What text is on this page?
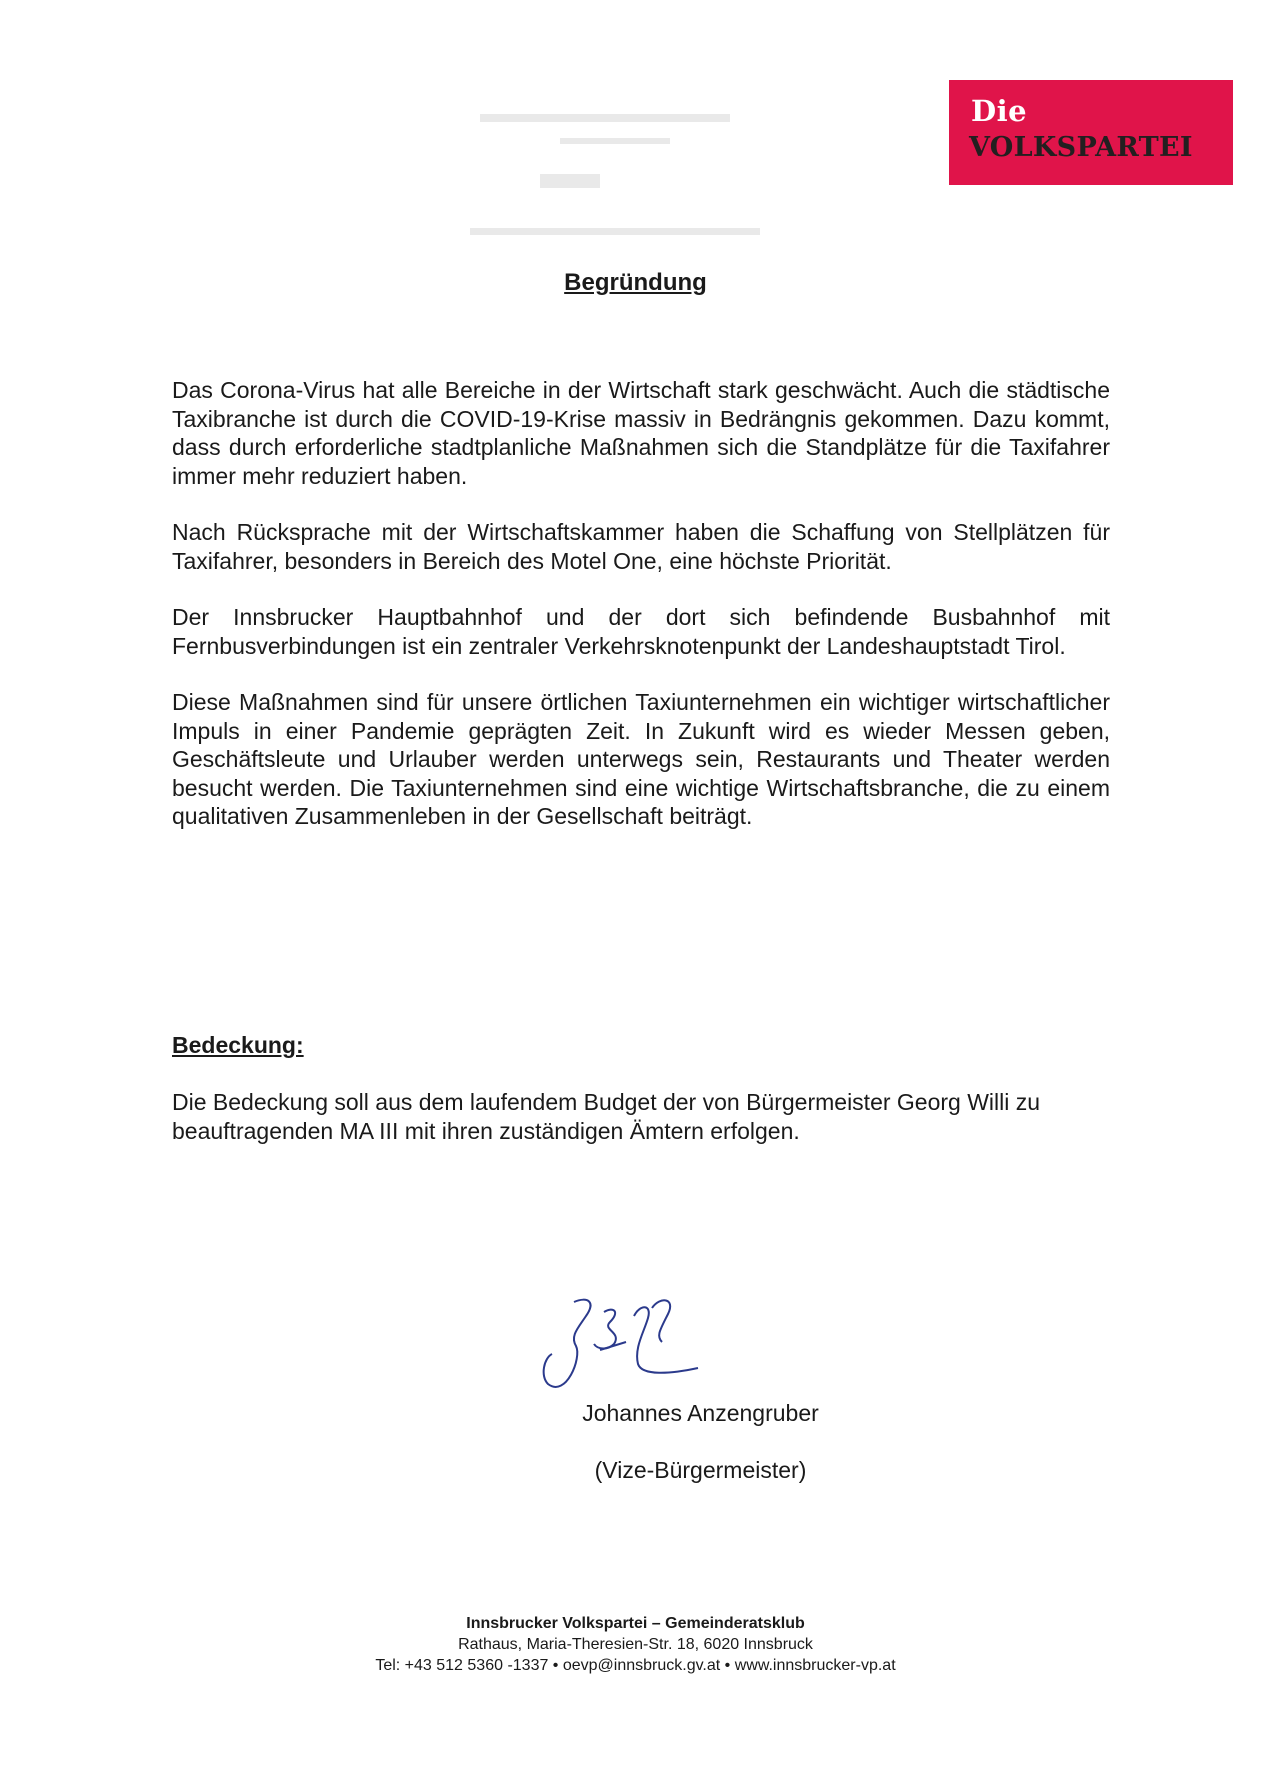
Die
VOLKSPARTEI
Begründung

Das Corona-Virus hat alle Bereiche in der Wirtschaft stark geschwächt. Auch die städtische Taxibranche ist durch die COVID-19-Krise massiv in Bedrängnis gekommen. Dazu kommt, dass durch erforderliche stadtplanliche Maßnahmen sich die Standplätze für die Taxifahrer immer mehr reduziert haben.

Nach Rücksprache mit der Wirtschaftskammer haben die Schaffung von Stellplätzen für Taxifahrer, besonders in Bereich des Motel One, eine höchste Priorität.

Der Innsbrucker Hauptbahnhof und der dort sich befindende Busbahnhof mit Fernbusverbindungen ist ein zentraler Verkehrsknotenpunkt der Landeshauptstadt Tirol.

Diese Maßnahmen sind für unsere örtlichen Taxiunternehmen ein wichtiger wirtschaftlicher Impuls in einer Pandemie geprägten Zeit. In Zukunft wird es wieder Messen geben, Geschäftsleute und Urlauber werden unterwegs sein, Restaurants und Theater werden besucht werden. Die Taxiunternehmen sind eine wichtige Wirtschaftsbranche, die zu einem qualitativen Zusammenleben in der Gesellschaft beiträgt.

Bedeckung:
Die Bedeckung soll aus dem laufendem Budget der von Bürgermeister Georg Willi zu beauftragenden MA III mit ihren zuständigen Ämtern erfolgen.
Johannes Anzengruber
(Vize-Bürgermeister)
Innsbrucker Volkspartei – Gemeinderatsklub
Rathaus, Maria-Theresien-Str. 18, 6020 Innsbruck
Tel: +43 512 5360 -1337 • oevp@innsbruck.gv.at • www.innsbrucker-vp.at
